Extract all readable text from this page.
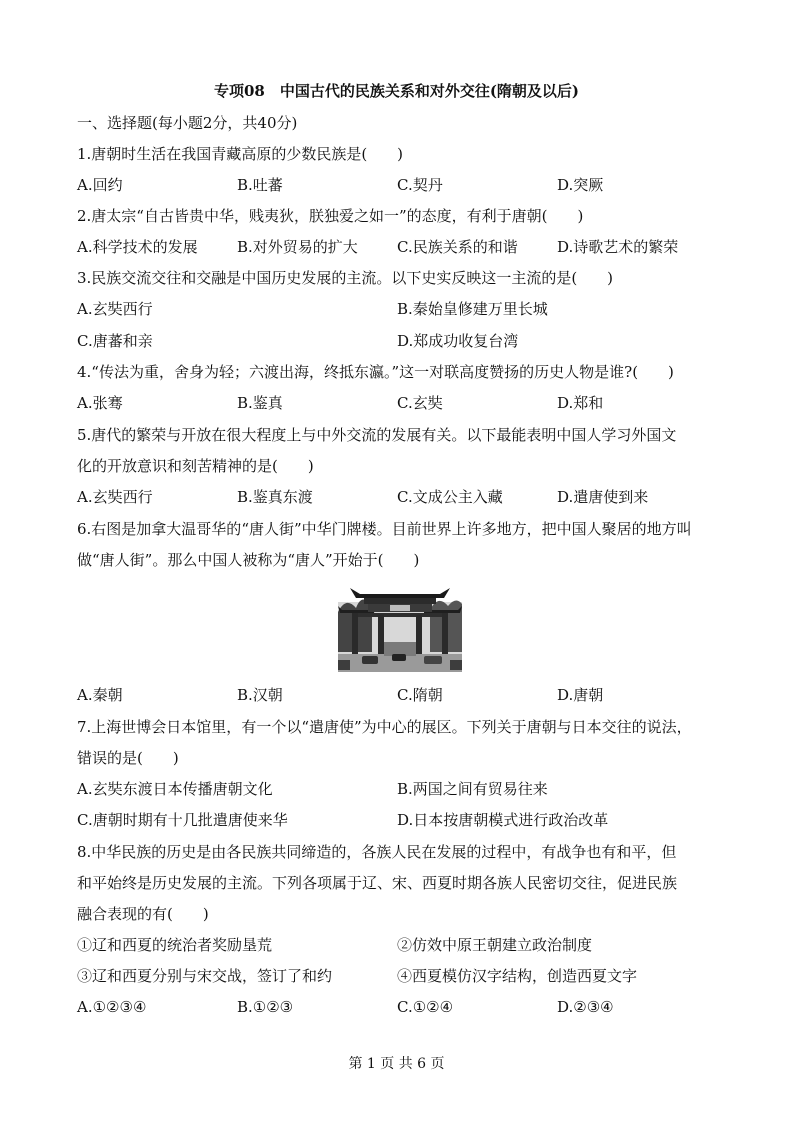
专项08　中国古代的民族关系和对外交往(隋朝及以后)
一、选择题(每小题2分，共40分)
1.唐朝时生活在我国青藏高原的少数民族是(　　)
A.回约	B.吐蕃	C.契丹	D.突厥
2.唐太宗“自古皆贵中华，贱夷狄，朕独爱之如一”的态度，有利于唐朝(　　)
A.科学技术的发展	B.对外贸易的扩大	C.民族关系的和谐	D.诗歌艺术的繁荣
3.民族交流交往和交融是中国历史发展的主流。以下史实反映这一主流的是(　　)
A.玄奘西行	B.秦始皇修建万里长城
C.唐蕃和亲	D.郑成功收复台湾
4.“传法为重，舍身为轻；六渡出海，终抵东瀛。”这一对联高度赞扬的历史人物是谁?(　　)
A.张骞	B.鉴真	C.玄奘	D.郑和
5.唐代的繁荣与开放在很大程度上与中外交流的发展有关。以下最能表明中国人学习外国文
化的开放意识和刻苦精神的是(　　)
A.玄奘西行	B.鉴真东渡	C.文成公主入藏	D.遣唐使到来
6.右图是加拿大温哥华的“唐人街”中华门牌楼。目前世界上许多地方，把中国人聚居的地方叫
做“唐人街”。那么中国人被称为“唐人”开始于(　　)
A.秦朝	B.汉朝	C.隋朝	D.唐朝
7.上海世博会日本馆里，有一个以“遣唐使”为中心的展区。下列关于唐朝与日本交往的说法，
错误的是(　　)
A.玄奘东渡日本传播唐朝文化	B.两国之间有贸易往来
C.唐朝时期有十几批遣唐使来华	D.日本按唐朝模式进行政治改革
8.中华民族的历史是由各民族共同缔造的，各族人民在发展的过程中，有战争也有和平，但
和平始终是历史发展的主流。下列各项属于辽、宋、西夏时期各族人民密切交往，促进民族
融合表现的有(　　)
①辽和西夏的统治者奖励垦荒	②仿效中原王朝建立政治制度
③辽和西夏分别与宋交战，签订了和约	④西夏模仿汉字结构，创造西夏文字
A.①②③④	B.①②③	C.①②④	D.②③④
第 1 页 共 6 页
